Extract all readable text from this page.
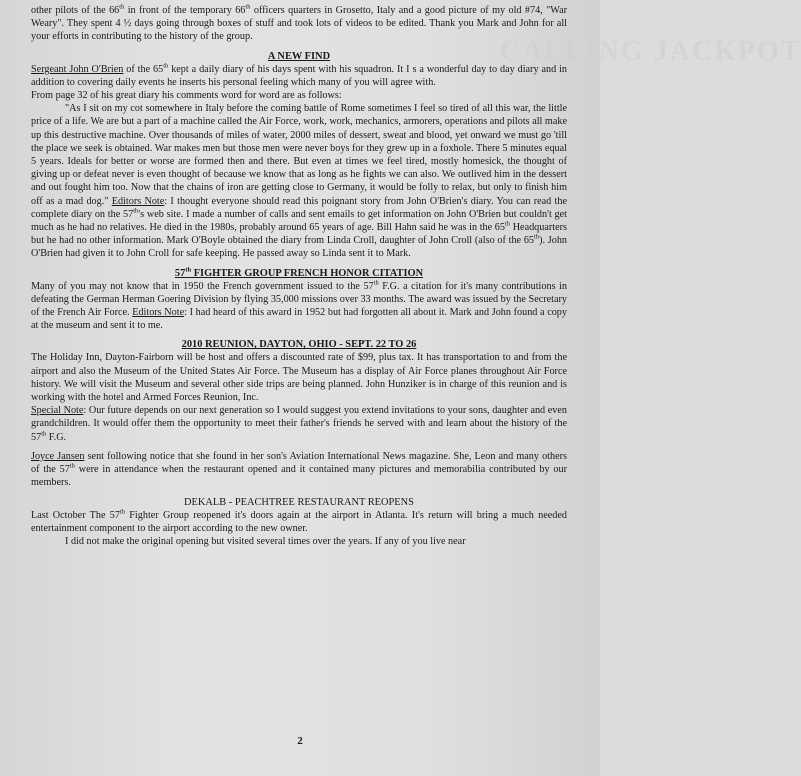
CALLING JACKPOT

other pilots of the 66th in front of the temporary 66th officers quarters in Grosetto, Italy and a good picture of my old #74, "War Weary". They spent 4 ½ days going through boxes of stuff and took lots of videos to be edited. Thank you Mark and John for all your efforts in contributing to the history of the group.

A NEW FIND

Sergeant John O'Brien of the 65th kept a daily diary of his days spent with his squadron. It I s a wonderful day to day diary and in addition to covering daily events he inserts his personal feeling which many of you will agree with.

From page 32 of his great diary his comments word for word are as follows:

"As I sit on my cot somewhere in Italy before the coming battle of Rome sometimes I feel so tired of all this war, the little price of a life. We are but a part of a machine called the Air Force, work, work, mechanics, armorers, operations and pilots all make up this destructive machine. Over thousands of miles of water, 2000 miles of dessert, sweat and blood, yet onward we must go 'till the place we seek is obtained. War makes men but those men were never boys for they grew up in a foxhole. There 5 minutes equal 5 years. Ideals for better or worse are formed then and there. But even at times we feel tired, mostly homesick, the thought of giving up or defeat never is even thought of because we know that as long as he fights we can also. We outlived him in the dessert and out fought him too. Now that the chains of iron are getting close to Germany, it would be folly to relax, but only to finish him off as a mad dog." Editors Note: I thought everyone should read this poignant story from John O'Brien's diary. You can read the complete diary on the 57th's web site. I made a number of calls and sent emails to get information on John O'Brien but couldn't get much as he had no relatives. He died in the 1980s, probably around 65 years of age. Bill Hahn said he was in the 65th Headquarters but he had no other information. Mark O'Boyle obtained the diary from Linda Croll, daughter of John Croll (also of the 65th). John O'Brien had given it to John Croll for safe keeping. He passed away so Linda sent it to Mark.

57th FIGHTER GROUP FRENCH HONOR CITATION

Many of you may not know that in 1950 the French government issued to the 57th F.G. a citation for it's many contributions in defeating the German Herman Goering Division by flying 35,000 missions over 33 months. The award was issued by the Secretary of the French Air Force. Editors Note: I had heard of this award in 1952 but had forgotten all about it. Mark and John found a copy at the museum and sent it to me.

2010 REUNION, DAYTON, OHIO - SEPT. 22 TO 26

The Holiday Inn, Dayton-Fairborn will be host and offers a discounted rate of $99, plus tax. It has transportation to and from the airport and also the Museum of the United States Air Force. The Museum has a display of Air Force planes throughout Air Force history. We will visit the Museum and several other side trips are being planned. John Hunziker is in charge of this reunion and is working with the hotel and Armed Forces Reunion, Inc.

Special Note: Our future depends on our next generation so I would suggest you extend invitations to your sons, daughter and even grandchildren. It would offer them the opportunity to meet their father's friends he served with and learn about the history of the 57th F.G.

Joyce Jansen sent following notice that she found in her son's Aviation International News magazine. She, Leon and many others of the 57th were in attendance when the restaurant opened and it contained many pictures and memorabilia contributed by our members.

DEKALB - PEACHTREE RESTAURANT REOPENS

Last October The 57th Fighter Group reopened it's doors again at the airport in Atlanta. It's return will bring a much needed entertainment component to the airport according to the new owner.

I did not make the original opening but visited several times over the years. If any of you live near

2
